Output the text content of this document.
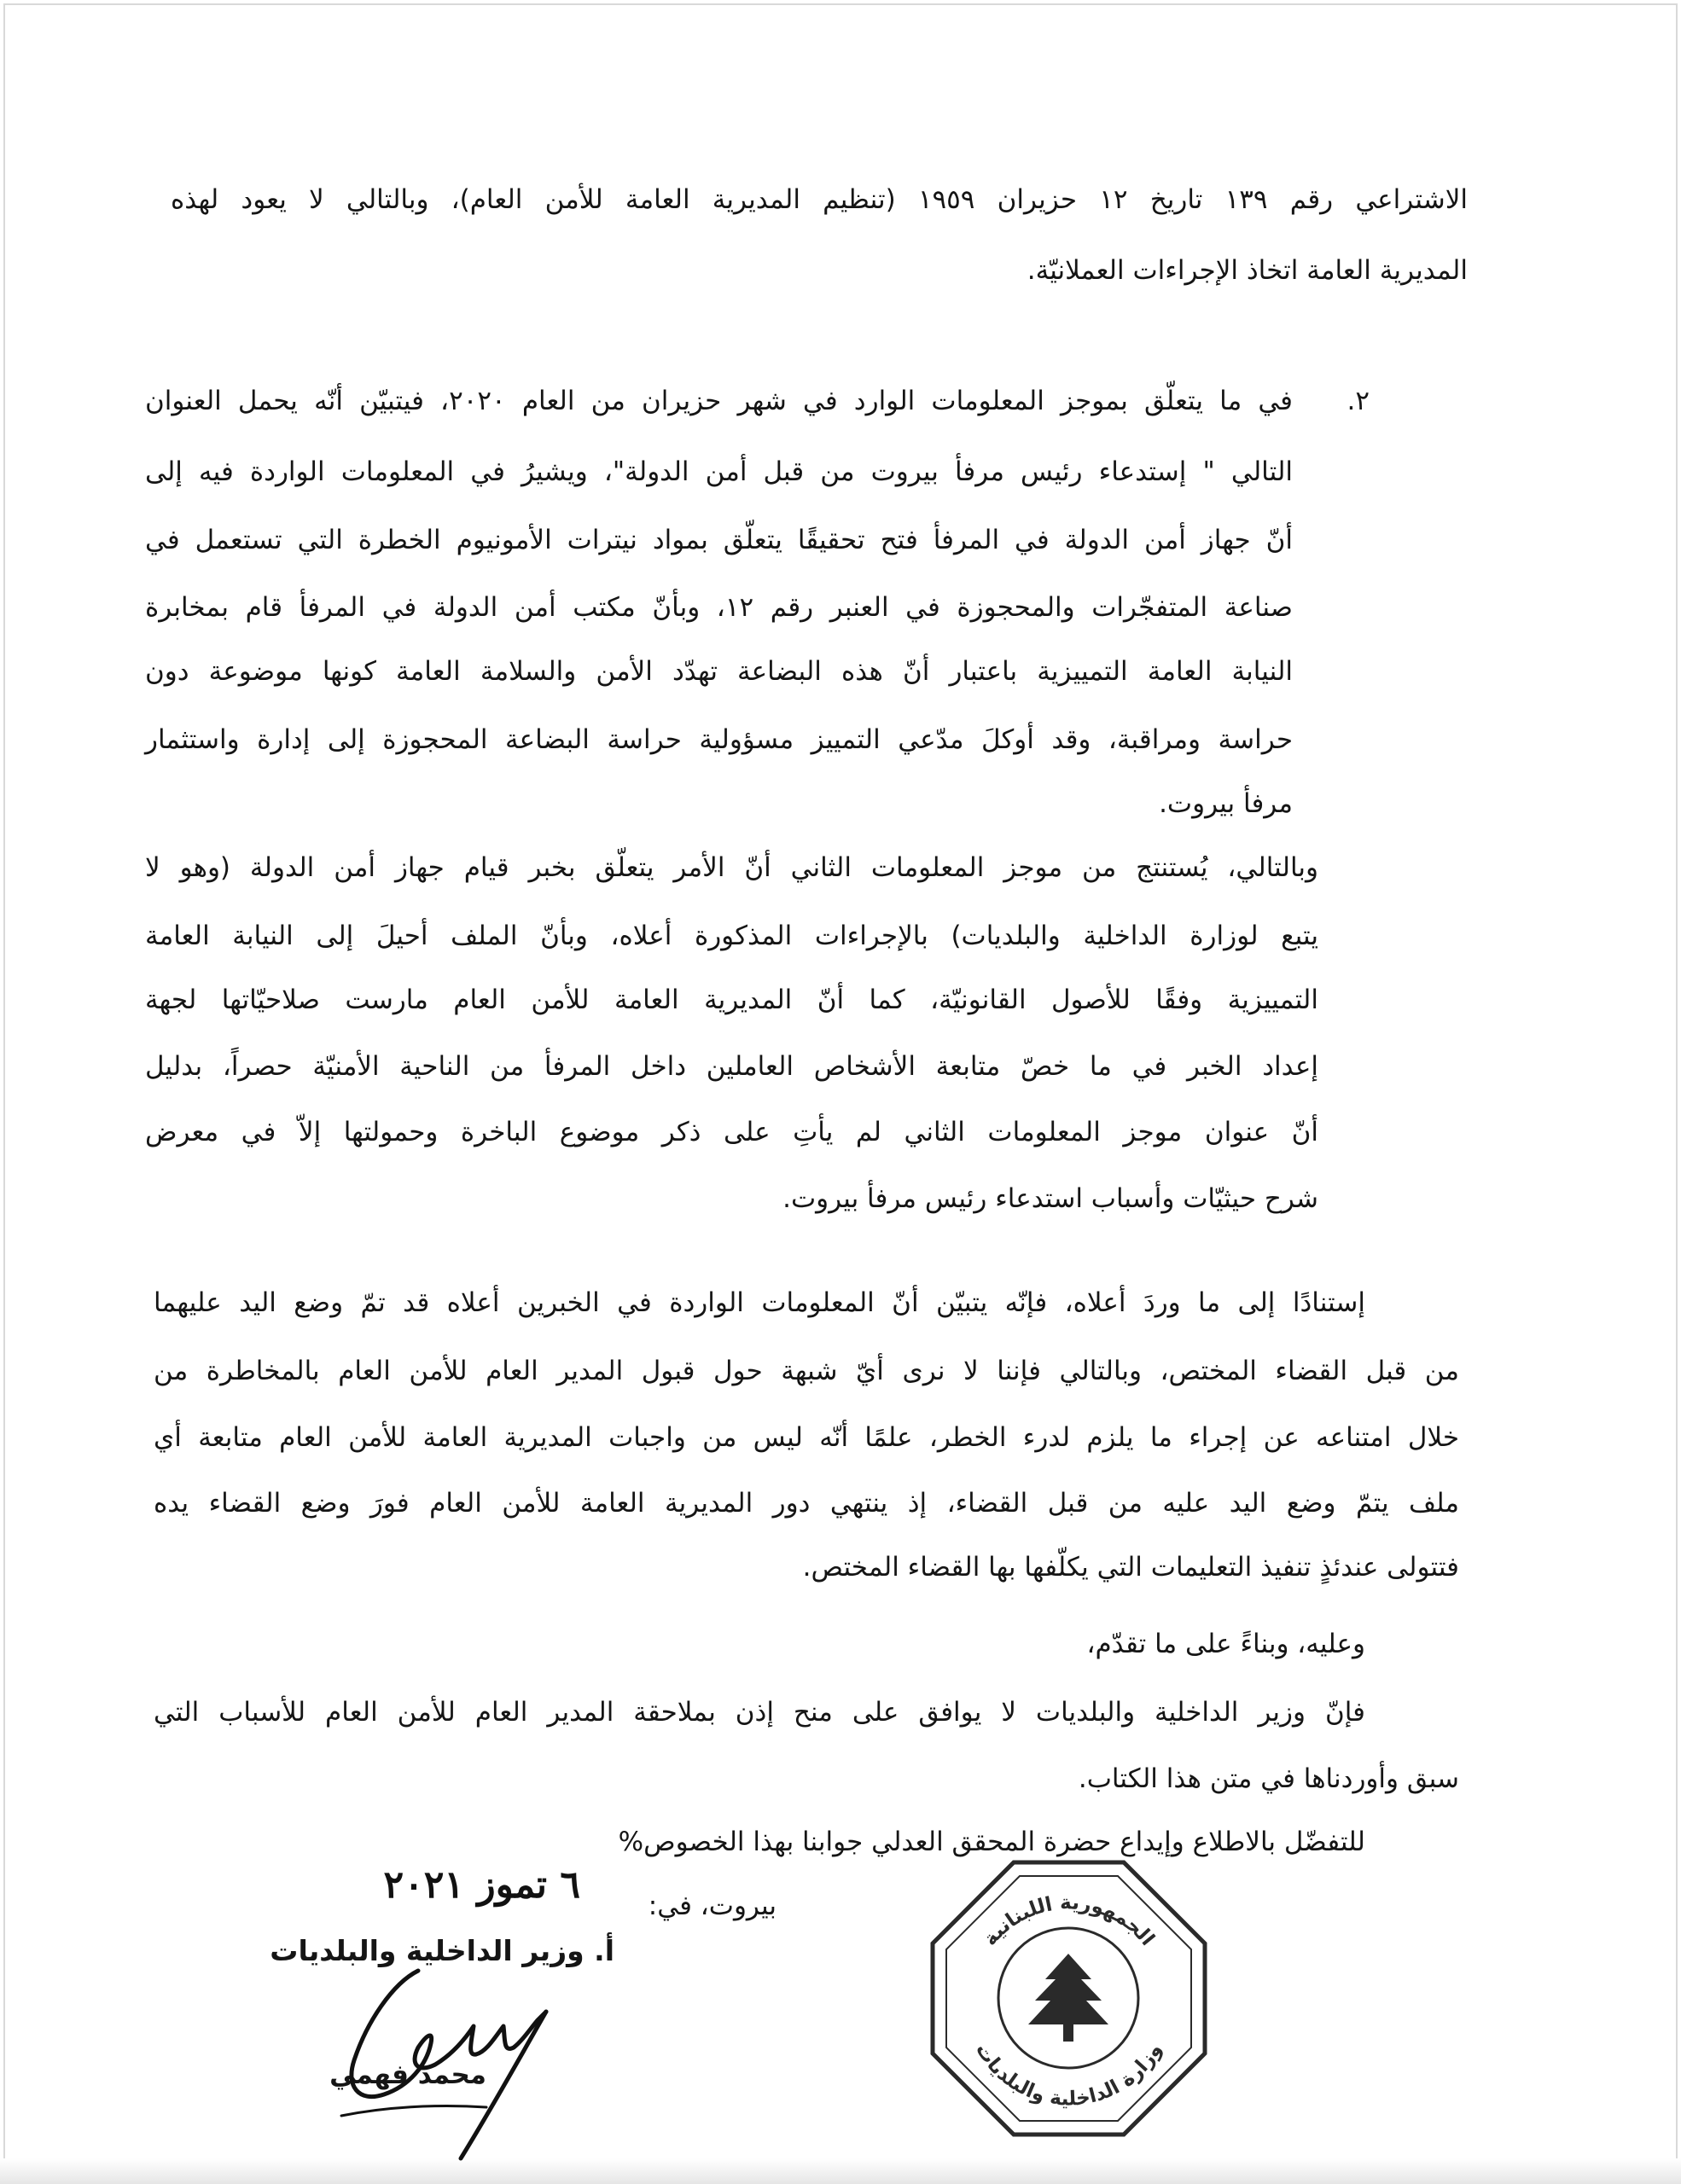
الاشتراعي رقم ١٣٩ تاريخ ١٢ حزيران ١٩٥٩ (تنظيم المديرية العامة للأمن العام)، وبالتالي لا يعود لهذه
المديرية العامة اتخاذ الإجراءات العملانيّة.
٢.
في ما يتعلّق بموجز المعلومات الوارد في شهر حزيران من العام ٢٠٢٠، فيتبيّن أنّه يحمل العنوان
التالي " إستدعاء رئيس مرفأ بيروت من قبل أمن الدولة"، ويشيرُ في المعلومات الواردة فيه إلى
أنّ جهاز أمن الدولة في المرفأ فتح تحقيقًا يتعلّق بمواد نيترات الأمونيوم الخطرة التي تستعمل في
صناعة المتفجّرات والمحجوزة في العنبر رقم ١٢، وبأنّ مكتب أمن الدولة في المرفأ قام بمخابرة
النيابة العامة التمييزية باعتبار أنّ هذه البضاعة تهدّد الأمن والسلامة العامة كونها موضوعة دون
حراسة ومراقبة، وقد أوكلَ مدّعي التمييز مسؤولية حراسة البضاعة المحجوزة إلى إدارة واستثمار
مرفأ بيروت.
وبالتالي، يُستنتج من موجز المعلومات الثاني أنّ الأمر يتعلّق بخبر قيام جهاز أمن الدولة (وهو لا
يتبع لوزارة الداخلية والبلديات) بالإجراءات المذكورة أعلاه، وبأنّ الملف أحيلَ إلى النيابة العامة
التمييزية وفقًا للأصول القانونيّة، كما أنّ المديرية العامة للأمن العام مارست صلاحيّاتها لجهة
إعداد الخبر في ما خصّ متابعة الأشخاص العاملين داخل المرفأ من الناحية الأمنيّة حصراً، بدليل
أنّ عنوان موجز المعلومات الثاني لم يأتِ على ذكر موضوع الباخرة وحمولتها إلاّ في معرض
شرح حيثيّات وأسباب استدعاء رئيس مرفأ بيروت.
إستنادًا إلى ما وردَ أعلاه، فإنّه يتبيّن أنّ المعلومات الواردة في الخبرين أعلاه قد تمّ وضع اليد عليهما
من قبل القضاء المختص، وبالتالي فإننا لا نرى أيّ شبهة حول قبول المدير العام للأمن العام بالمخاطرة من
خلال امتناعه عن إجراء ما يلزم لدرء الخطر، علمًا أنّه ليس من واجبات المديرية العامة للأمن العام متابعة أي
ملف يتمّ وضع اليد عليه من قبل القضاء، إذ ينتهي دور المديرية العامة للأمن العام فورَ وضع القضاء يده
فتتولى عندئذٍ تنفيذ التعليمات التي يكلّفها بها القضاء المختص.
وعليه، وبناءً على ما تقدّم،
فإنّ وزير الداخلية والبلديات لا يوافق على منح إذن بملاحقة المدير العام للأمن العام للأسباب التي
سبق وأوردناها في متن هذا الكتاب.
للتفضّل بالاطلاع وإيداع حضرة المحقق العدلي جوابنا بهذا الخصوص%
بيروت، في:
٦ تموز ٢٠٢١
أ. وزير الداخلية والبلديات
محمد فهمي
الجمهورية اللبنانية
وزارة الداخلية والبلديات
